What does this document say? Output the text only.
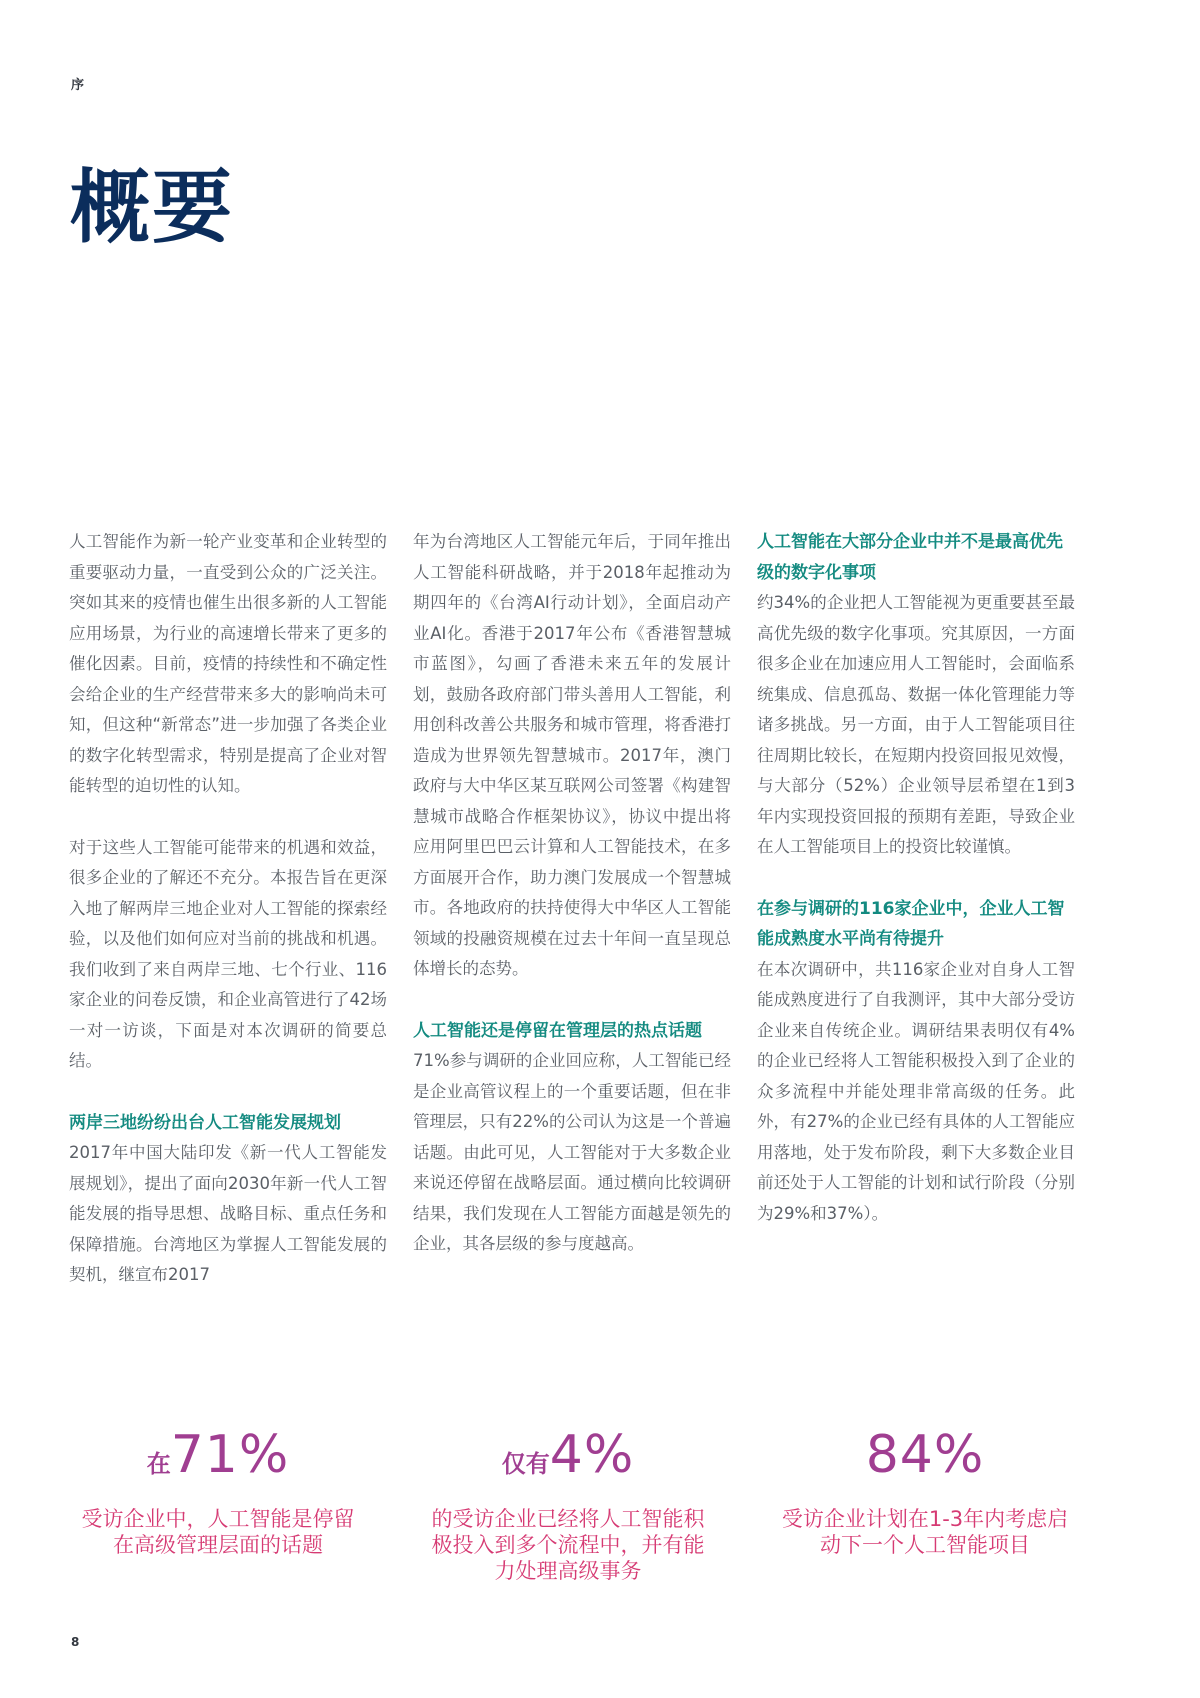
序
概要

人工智能作为新一轮产业变革和企业转型的重要驱动力量，一直受到公众的广泛关注。突如其来的疫情也催生出很多新的人工智能应用场景，为行业的高速增长带来了更多的催化因素。目前，疫情的持续性和不确定性会给企业的生产经营带来多大的影响尚未可知，但这种“新常态”进一步加强了各类企业的数字化转型需求，特别是提高了企业对智能转型的迫切性的认知。

对于这些人工智能可能带来的机遇和效益，很多企业的了解还不充分。本报告旨在更深入地了解两岸三地企业对人工智能的探索经验，以及他们如何应对当前的挑战和机遇。我们收到了来自两岸三地、七个行业、116家企业的问卷反馈，和企业高管进行了42场一对一访谈，下面是对本次调研的简要总结。

两岸三地纷纷出台人工智能发展规划

2017年中国大陆印发《新一代人工智能发展规划》，提出了面向2030年新一代人工智能发展的指导思想、战略目标、重点任务和保障措施。台湾地区为掌握人工智能发展的契机，继宣布2017

年为台湾地区人工智能元年后，于同年推出人工智能科研战略，并于2018年起推动为期四年的《台湾AI行动计划》，全面启动产业AI化。香港于2017年公布《香港智慧城市蓝图》，勾画了香港未来五年的发展计划，鼓励各政府部门带头善用人工智能，利用创科改善公共服务和城市管理，将香港打造成为世界领先智慧城市。2017年，澳门政府与大中华区某互联网公司签署《构建智慧城市战略合作框架协议》，协议中提出将应用阿里巴巴云计算和人工智能技术，在多方面展开合作，助力澳门发展成一个智慧城市。各地政府的扶持使得大中华区人工智能领域的投融资规模在过去十年间一直呈现总体增长的态势。

人工智能还是停留在管理层的热点话题

71%参与调研的企业回应称，人工智能已经是企业高管议程上的一个重要话题，但在非管理层，只有22%的公司认为这是一个普遍话题。由此可见，人工智能对于大多数企业来说还停留在战略层面。通过横向比较调研结果，我们发现在人工智能方面越是领先的企业，其各层级的参与度越高。

人工智能在大部分企业中并不是最高优先级的数字化事项

约34%的企业把人工智能视为更重要甚至最高优先级的数字化事项。究其原因，一方面很多企业在加速应用人工智能时，会面临系统集成、信息孤岛、数据一体化管理能力等诸多挑战。另一方面，由于人工智能项目往往周期比较长，在短期内投资回报见效慢，与大部分（52%）企业领导层希望在1到3年内实现投资回报的预期有差距，导致企业在人工智能项目上的投资比较谨慎。

在参与调研的116家企业中，企业人工智能成熟度水平尚有待提升

在本次调研中，共116家企业对自身人工智能成熟度进行了自我测评，其中大部分受访企业来自传统企业。调研结果表明仅有4%的企业已经将人工智能积极投入到了企业的众多流程中并能处理非常高级的任务。此外，有27%的企业已经有具体的人工智能应用落地，处于发布阶段，剩下大多数企业目前还处于人工智能的计划和试行阶段（分别为29%和37%）。

在71%
受访企业中，人工智能是停留在高级管理层面的话题
仅有4%
的受访企业已经将人工智能积极投入到多个流程中，并有能力处理高级事务
84%
受访企业计划在1-3年内考虑启动下一个人工智能项目
8
